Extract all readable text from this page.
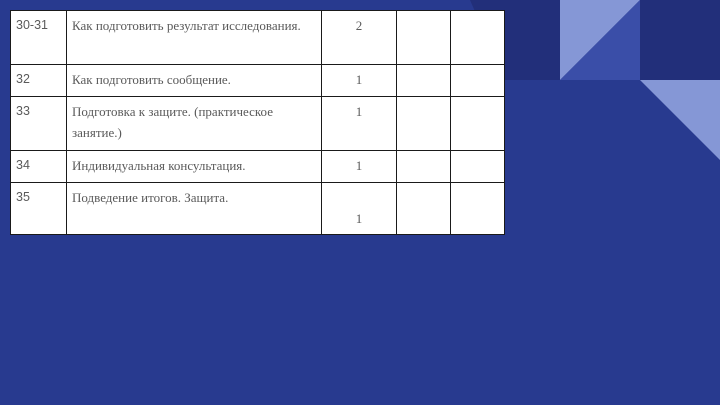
30-31	Как подготовить результат исследования.	2		
32	Как подготовить сообщение.	1		
33	Подготовка к защите. (практическое занятие.)	1		
34	Индивидуальная консультация.	1		
35	Подведение итогов. Защита.	1		
